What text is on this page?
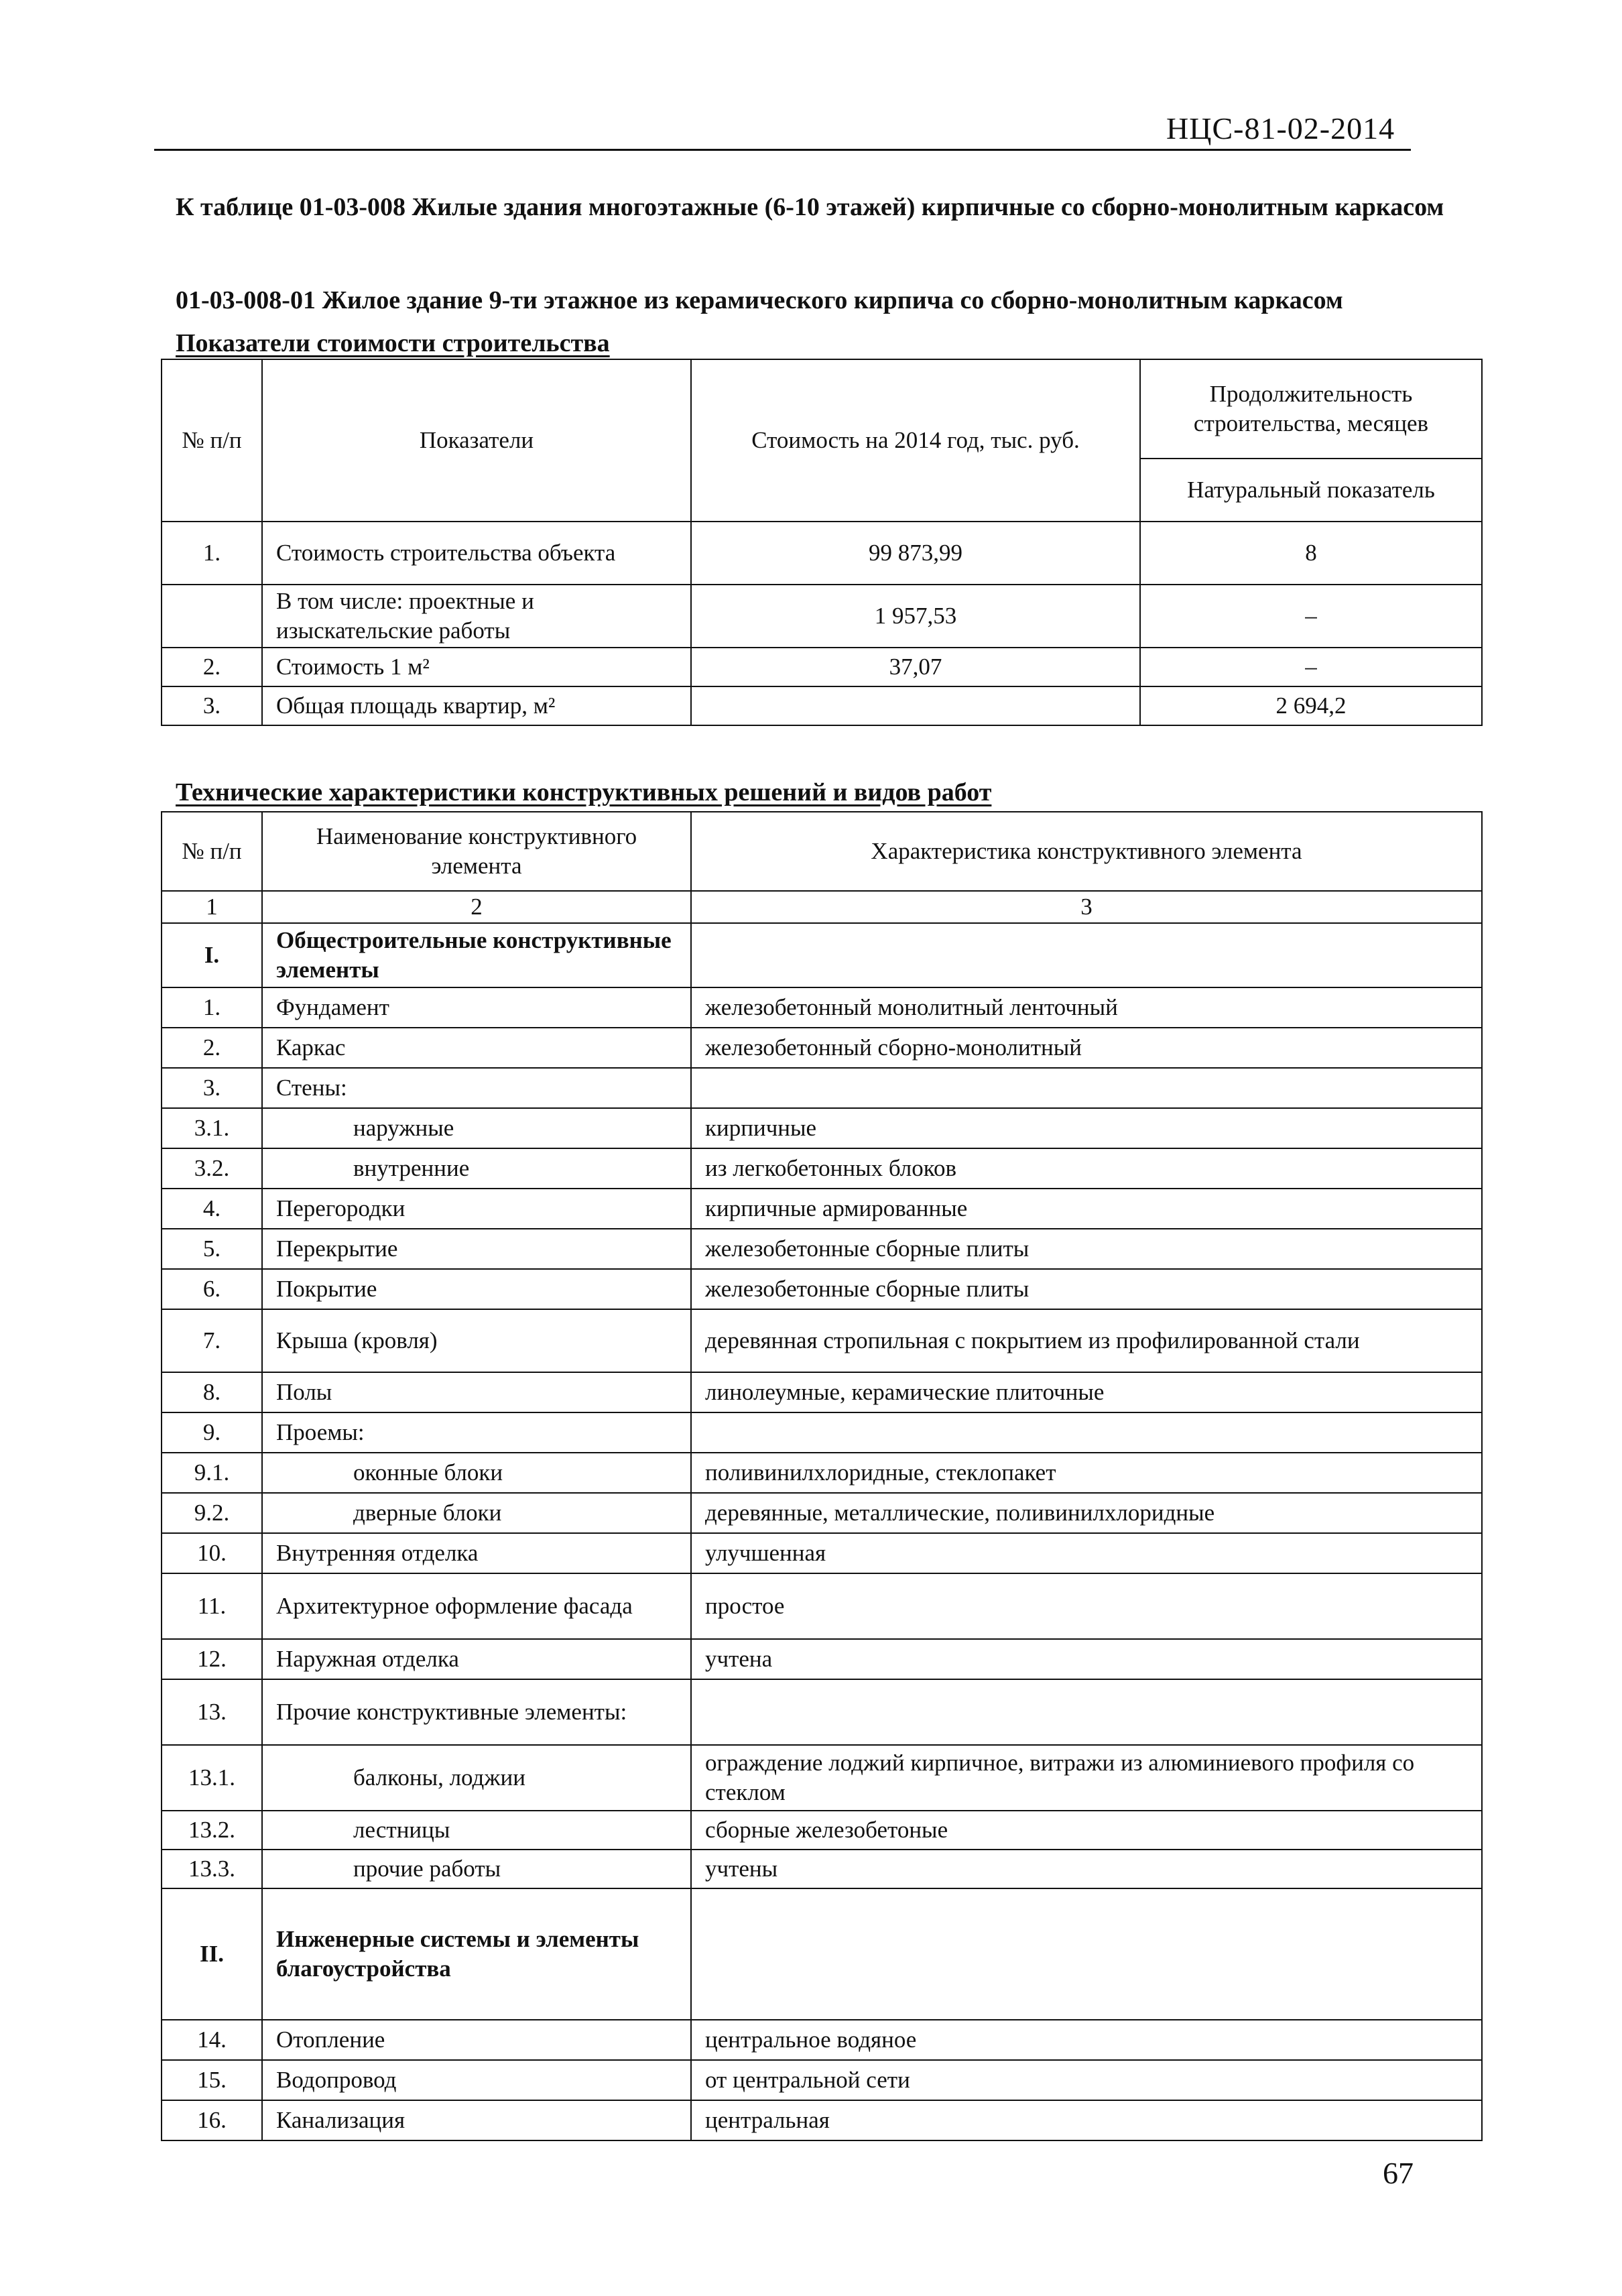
НЦС-81-02-2014
К таблице 01-03-008 Жилые здания многоэтажные (6-10 этажей) кирпичные со сборно-монолитным каркасом
01-03-008-01 Жилое здание 9-ти этажное из керамического кирпича со сборно-монолитным каркасом
Показатели стоимости строительства
№ п/п	Показатели	Стоимость на 2014 год, тыс. руб.	Продолжительность строительства, месяцев
			Натуральный показатель
1.	Стоимость строительства объекта	99 873,99	8
	В том числе: проектные и изыскательские работы	1 957,53	–
2.	Стоимость 1 м²	37,07	–
3.	Общая площадь квартир, м²		2 694,2
Технические характеристики конструктивных решений и видов работ
№ п/п	Наименование конструктивного элемента	Характеристика конструктивного элемента
1	2	3
I.	Общестроительные конструктивные элементы	
1.	Фундамент	железобетонный монолитный ленточный
2.	Каркас	железобетонный сборно-монолитный
3.	Стены:	
3.1.	наружные	кирпичные
3.2.	внутренние	из легкобетонных блоков
4.	Перегородки	кирпичные армированные
5.	Перекрытие	железобетонные сборные плиты
6.	Покрытие	железобетонные сборные плиты
7.	Крыша (кровля)	деревянная стропильная с покрытием из профилированной стали
8.	Полы	линолеумные, керамические плиточные
9.	Проемы:	
9.1.	оконные блоки	поливинилхлоридные, стеклопакет
9.2.	дверные блоки	деревянные, металлические, поливинилхлоридные
10.	Внутренняя отделка	улучшенная
11.	Архитектурное оформление фасада	простое
12.	Наружная отделка	учтена
13.	Прочие конструктивные элементы:	
13.1.	балконы, лоджии	ограждение лоджий кирпичное, витражи из алюминиевого профиля со стеклом
13.2.	лестницы	сборные железобетоные
13.3.	прочие работы	учтены
II.	Инженерные системы и элементы благоустройства	
14.	Отопление	центральное водяное
15.	Водопровод	от центральной сети
16.	Канализация	центральная
67
